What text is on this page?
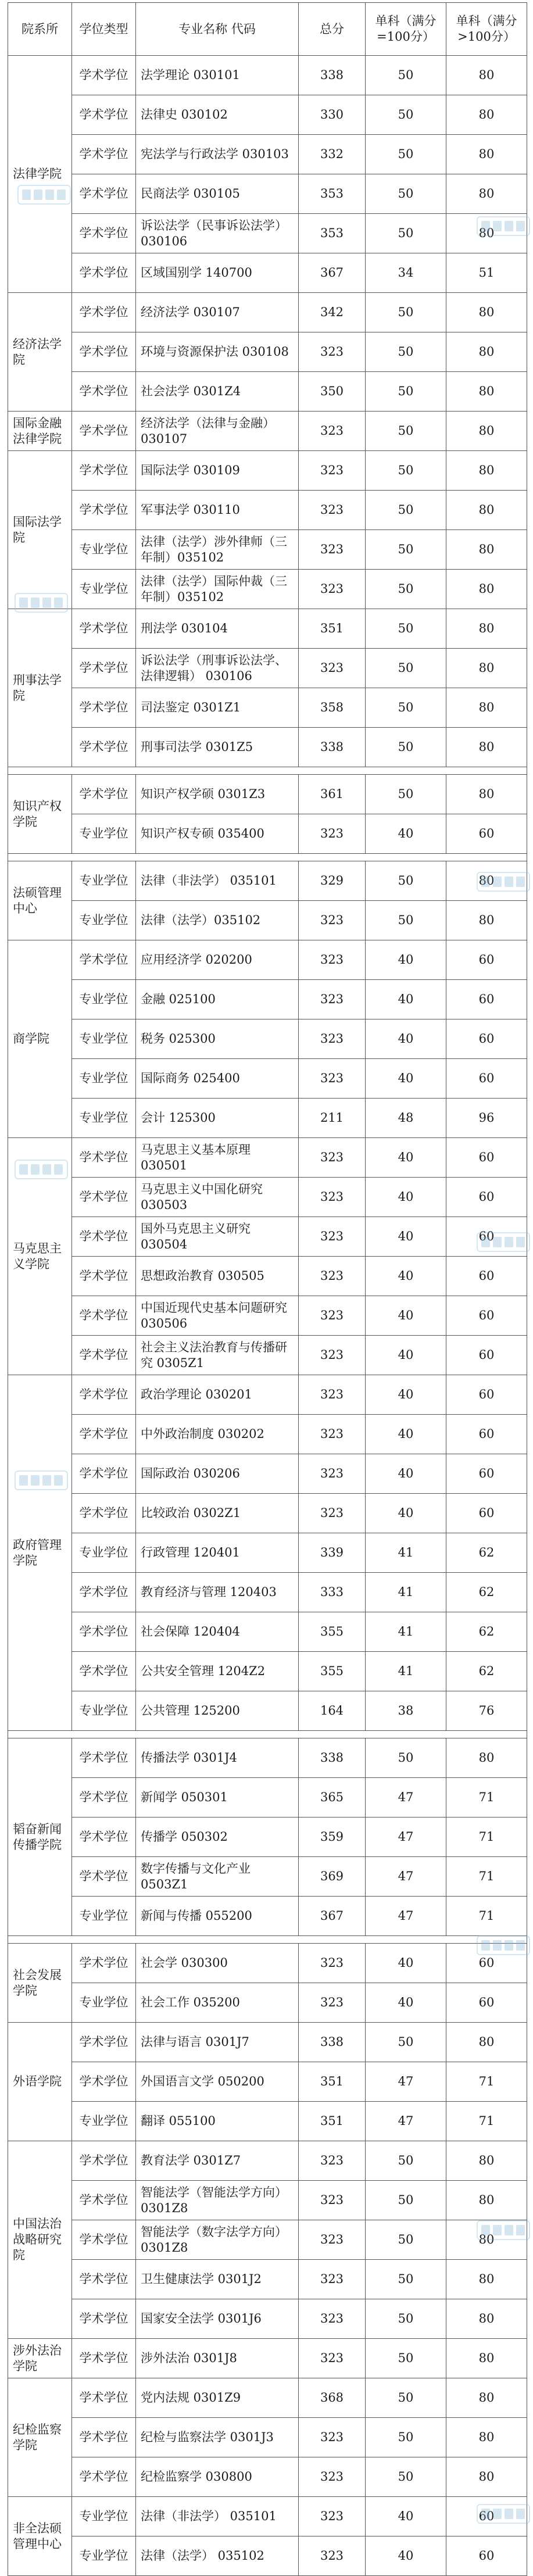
院系所	学位类型	专业名称 代码	总分	单科（满分=100分）	单科（满分>100分）
法律学院	学术学位	法学理论 030101	338	50	80
	学术学位	法律史 030102	330	50	80
	学术学位	宪法学与行政法学 030103	332	50	80
	学术学位	民商法学 030105	353	50	80
	学术学位	诉讼法学（民事诉讼法学） 030106	353	50	80
	学术学位	区域国别学 140700	367	34	51
经济法学院	学术学位	经济法学 030107	342	50	80
	学术学位	环境与资源保护法 030108	323	50	80
	学术学位	社会法学 0301Z4	350	50	80
国际金融法律学院	学术学位	经济法学（法律与金融） 030107	323	50	80
国际法学院	学术学位	国际法学 030109	323	50	80
	学术学位	军事法学 030110	323	50	80
	专业学位	法律（法学）涉外律师（三年制）035102	323	50	80
	专业学位	法律（法学）国际仲裁（三年制）035102	323	50	80
刑事法学院	学术学位	刑法学 030104	351	50	80
	学术学位	诉讼法学（刑事诉讼法学、法律逻辑） 030106	323	50	80
	学术学位	司法鉴定 0301Z1	358	50	80
	学术学位	刑事司法学 0301Z5	338	50	80

知识产权学院	学术学位	知识产权学硕 0301Z3	361	50	80
	专业学位	知识产权专硕 035400	323	40	60

法硕管理中心	专业学位	法律（非法学） 035101	329	50	80
	专业学位	法律（法学）035102	323	50	80
商学院	学术学位	应用经济学 020200	323	40	60
	专业学位	金融 025100	323	40	60
	专业学位	税务 025300	323	40	60
	专业学位	国际商务 025400	323	40	60
	专业学位	会计 125300	211	48	96
马克思主义学院	学术学位	马克思主义基本原理 030501	323	40	60
	学术学位	马克思主义中国化研究 030503	323	40	60
	学术学位	国外马克思主义研究 030504	323	40	60
	学术学位	思想政治教育 030505	323	40	60
	学术学位	中国近现代史基本问题研究 030506	323	40	60
	学术学位	社会主义法治教育与传播研究 0305Z1	323	40	60
政府管理学院	学术学位	政治学理论 030201	323	40	60
	学术学位	中外政治制度 030202	323	40	60
	学术学位	国际政治 030206	323	40	60
	学术学位	比较政治 0302Z1	323	40	60
	专业学位	行政管理 120401	339	41	62
	学术学位	教育经济与管理 120403	333	41	62
	学术学位	社会保障 120404	355	41	62
	学术学位	公共安全管理 1204Z2	355	41	62
	专业学位	公共管理 125200	164	38	76

韬奋新闻传播学院	学术学位	传播法学 0301J4	338	50	80
	学术学位	新闻学 050301	365	47	71
	学术学位	传播学 050302	359	47	71
	学术学位	数字传播与文化产业 0503Z1	369	47	71
	专业学位	新闻与传播 055200	367	47	71

社会发展学院	学术学位	社会学 030300	323	40	60
	专业学位	社会工作 035200	323	40	60
外语学院	学术学位	法律与语言 0301J7	338	50	80
	学术学位	外国语言文学 050200	351	47	71
	专业学位	翻译 055100	351	47	71
中国法治战略研究院	学术学位	教育法学 0301Z7	323	50	80
	学术学位	智能法学（智能法学方向） 0301Z8	323	50	80
	学术学位	智能法学（数字法学方向） 0301Z8	323	50	80
	学术学位	卫生健康法学 0301J2	323	50	80
	学术学位	国家安全法学 0301J6	323	50	80
涉外法治学院	学术学位	涉外法治 0301J8	323	50	80
纪检监察学院	学术学位	党内法规 0301Z9	368	50	80
	学术学位	纪检与监察法学 0301J3	323	50	80
	学术学位	纪检监察学 030800	323	50	80
非全法硕管理中心	专业学位	法律（非法学） 035101	323	40	60
	专业学位	法律（法学） 035102	323	40	60
